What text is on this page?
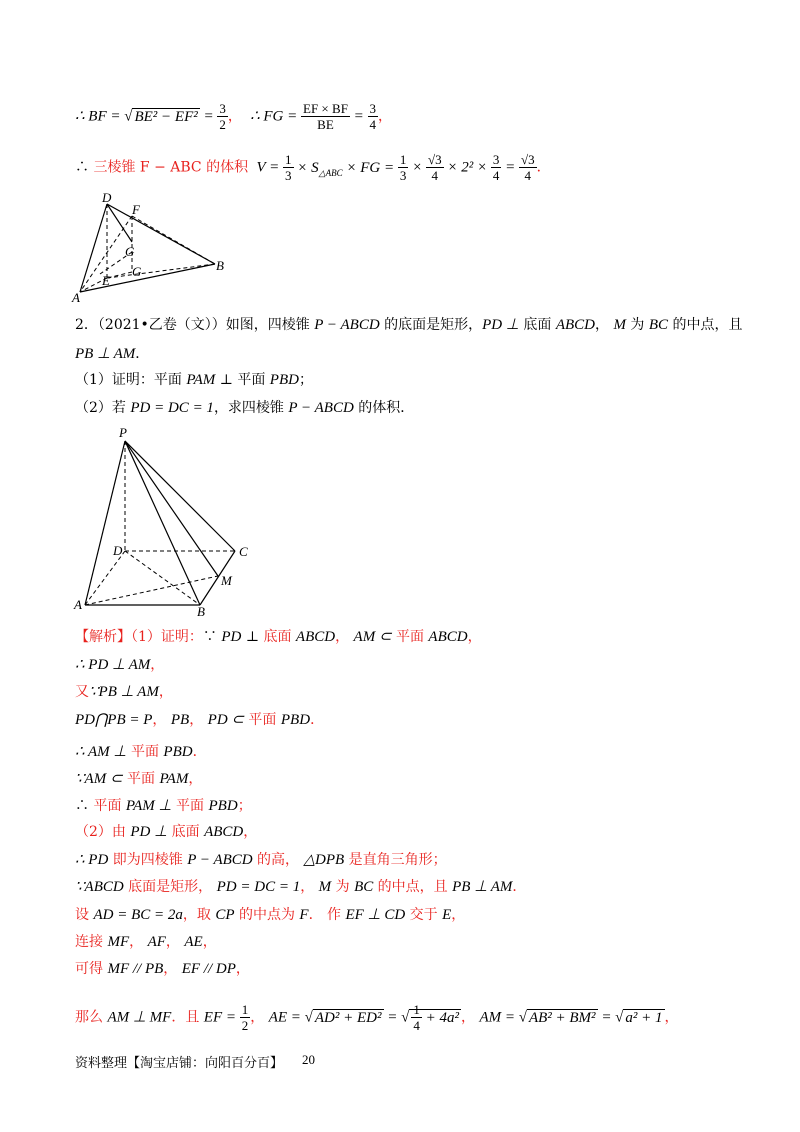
∴ BF = √ $BE^2 - EF^2 = \frac{3}{2}$ ，  ∴ FG = $\frac{EF \times BF}{BE} = \frac{3}{4}$ ，
∴ 三棱锥 F − ABC 的体积 $V = \frac{1}{3} \times S_{\triangle ABC}$ × FG = $\frac{1}{3} \times \frac{√3}{4} \times 2^2 \times \frac{3}{4} = \frac{√3}{4}$ ．
D
F
G
G	B
E
A
2．（2021•乙卷（文））如图，四棱锥 P − ABCD 的底面是矩形，PD ⊥ 底面 ABCD， M 为 BC 的中点，且
PB ⊥ AM．
（1）证明：平面 PAM ⊥ 平面 PBD；
（2）若 PD = DC = 1，求四棱锥 P − ABCD 的体积．
P
D	C
M
A	B
【解析】（1）证明：∵ PD ⊥ 底面 ABCD， AM ⊂ 平面 ABCD，
∴ PD ⊥ AM，
又∵PB ⊥ AM，
PD⋂PB = P， PB， PD ⊂ 平面 PBD．
∴ AM ⊥ 平面 PBD．
∵AM ⊂ 平面 PAM，
∴ 平面 PAM ⊥ 平面 PBD；
（2）由 PD ⊥ 底面 ABCD，
∴ PD 即为四棱锥 P − ABCD 的高， △DPB 是直角三角形；
∵ABCD 底面是矩形， PD = DC = 1， M 为 BC 的中点，且 PB ⊥ AM．
设 AD = BC = 2a，取 CP 的中点为 F． 作 EF ⊥ CD 交于 E，
连接 MF， AF， AE，
可得 MF // PB， EF // DP，
那么 AM ⊥ MF．且 EF = $\frac{1}{2}$ ， AE = √ AD² + ED² = √ $\frac{1}{4} + 4a^2$ ， AM = √ AB² + BM² = √ a² + 1 ，
资料整理【淘宝店铺：向阳百分百】 20
